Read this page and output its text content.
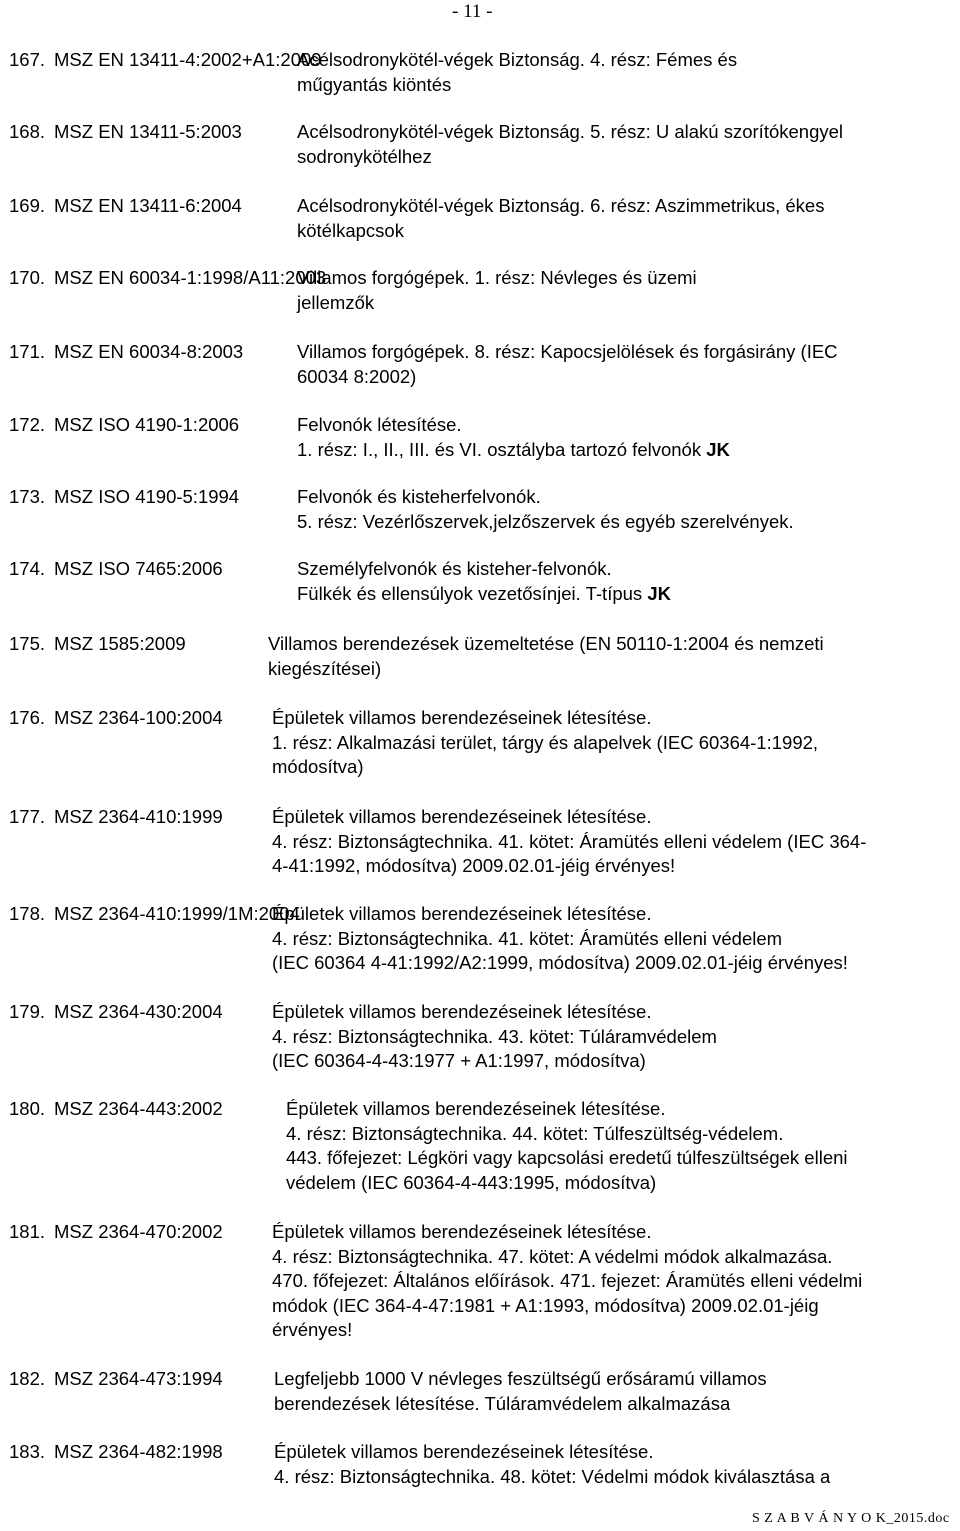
- 11 -
167. MSZ EN 13411-4:2002+A1:2009
Acélsodronykötél-végek Biztonság. 4. rész: Fémes és
műgyantás kiöntés
168. MSZ EN 13411-5:2003	Acélsodronykötél-végek Biztonság. 5. rész: U alakú szorítókengyel
sodronykötélhez
169. MSZ EN 13411-6:2004	Acélsodronykötél-végek Biztonság. 6. rész: Aszimmetrikus, ékes
kötélkapcsok
170. MSZ EN 60034-1:1998/A11:2003
Villamos forgógépek. 1. rész: Névleges és üzemi
jellemzők
171. MSZ EN 60034-8:2003	Villamos forgógépek. 8. rész: Kapocsjelölések és forgásirány (IEC
60034 8:2002)
172. MSZ ISO 4190-1:2006	Felvonók létesítése.
1. rész: I., II., III. és VI. osztályba tartozó felvonók JK
173. MSZ ISO 4190-5:1994	Felvonók és kisteherfelvonók.
5. rész: Vezérlőszervek,jelzőszervek és egyéb szerelvények.
174. MSZ ISO 7465:2006	Személyfelvonók és kisteher-felvonók.
Fülkék és ellensúlyok vezetősínjei. T-típus JK
175. MSZ 1585:2009	Villamos berendezések üzemeltetése (EN 50110-1:2004 és nemzeti
kiegészítései)
176. MSZ 2364-100:2004	Épületek villamos berendezéseinek létesítése.
1. rész: Alkalmazási terület, tárgy és alapelvek (IEC 60364-1:1992,
módosítva)
177. MSZ 2364-410:1999	Épületek villamos berendezéseinek létesítése.
4. rész: Biztonságtechnika. 41. kötet: Áramütés elleni védelem (IEC 364-
4-41:1992, módosítva) 2009.02.01-jéig érvényes!
178. MSZ 2364-410:1999/1M:2004
Épületek villamos berendezéseinek létesítése.
4. rész: Biztonságtechnika. 41. kötet: Áramütés elleni védelem
(IEC 60364 4-41:1992/A2:1999, módosítva) 2009.02.01-jéig érvényes!
179. MSZ 2364-430:2004	Épületek villamos berendezéseinek létesítése.
4. rész: Biztonságtechnika. 43. kötet: Túláramvédelem
(IEC 60364-4-43:1977 + A1:1997, módosítva)
180. MSZ 2364-443:2002	Épületek villamos berendezéseinek létesítése.
4. rész: Biztonságtechnika. 44. kötet: Túlfeszültség-védelem.
443. főfejezet: Légköri vagy kapcsolási eredetű túlfeszültségek elleni
védelem (IEC 60364-4-443:1995, módosítva)
181. MSZ 2364-470:2002	Épületek villamos berendezéseinek létesítése.
4. rész: Biztonságtechnika. 47. kötet: A védelmi módok alkalmazása.
470. főfejezet: Általános előírások. 471. fejezet: Áramütés elleni védelmi
módok (IEC 364-4-47:1981 + A1:1993, módosítva) 2009.02.01-jéig
érvényes!
182. MSZ 2364-473:1994	Legfeljebb 1000 V névleges feszültségű erősáramú villamos
berendezések létesítése. Túláramvédelem alkalmazása
183. MSZ 2364-482:1998	Épületek villamos berendezéseinek létesítése.
4. rész: Biztonságtechnika. 48. kötet: Védelmi módok kiválasztása a
S Z A B V Á N Y O K_2015.doc
